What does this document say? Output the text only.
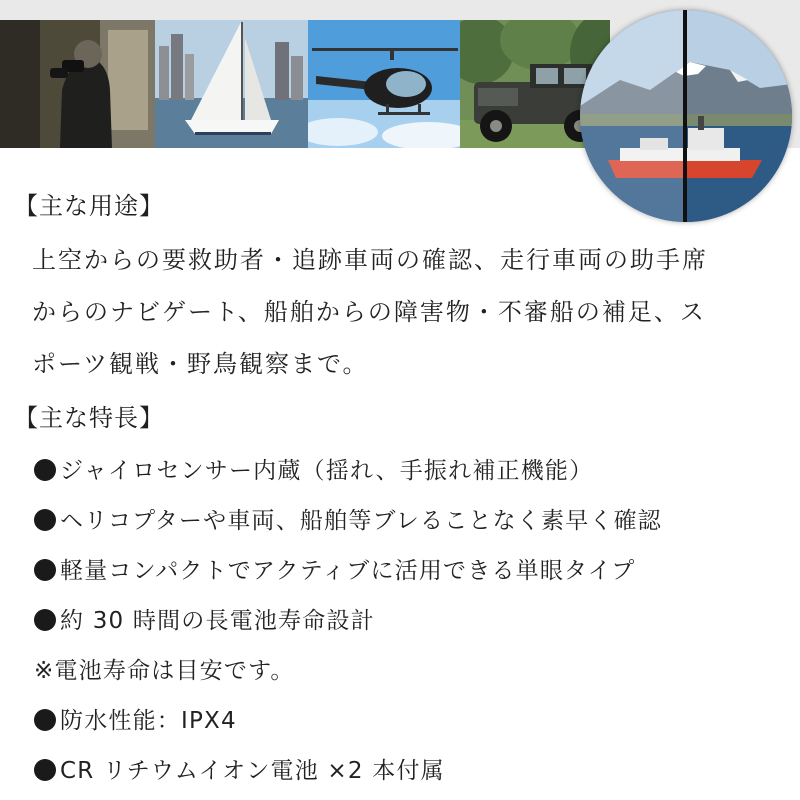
【主な用途】
上空からの要救助者・追跡車両の確認、走行車両の助手席
からのナビゲート、船舶からの障害物・不審船の補足、ス
ポーツ観戦・野鳥観察まで。
【主な特長】
ジャイロセンサー内蔵（揺れ、手振れ補正機能）
ヘリコプターや車両、船舶等ブレることなく素早く確認
軽量コンパクトでアクティブに活用できる単眼タイプ
約 30 時間の長電池寿命設計
※電池寿命は目安です。
防水性能：IPX4
CR リチウムイオン電池 ×2 本付属
